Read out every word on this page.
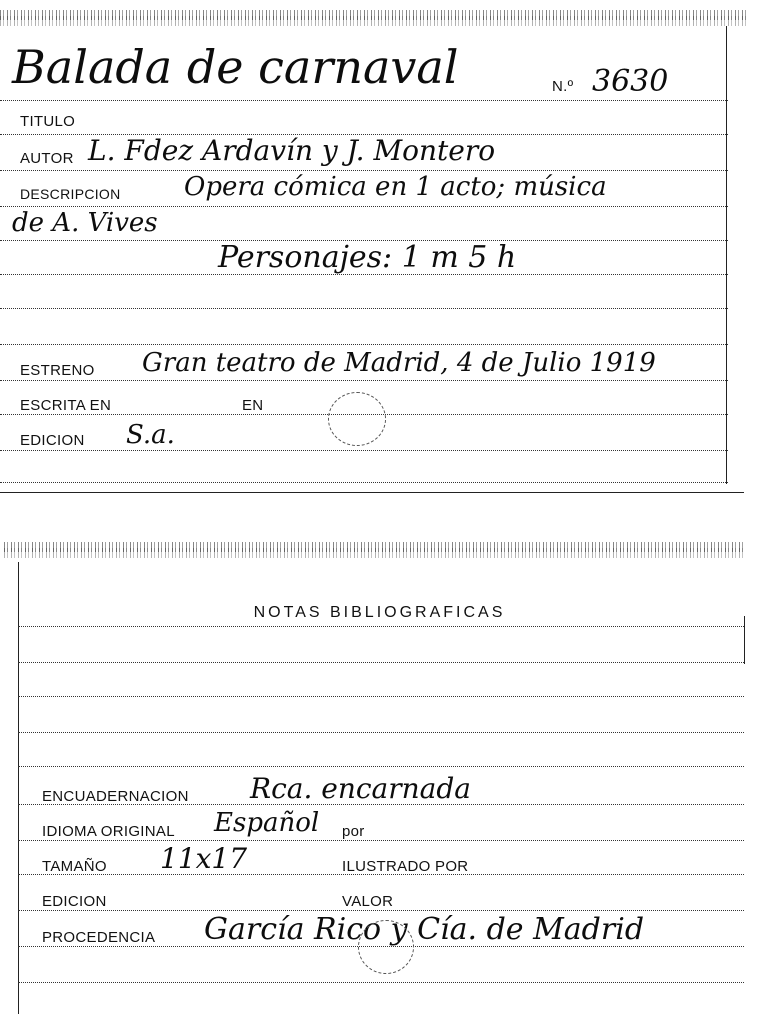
Balada de carnaval	N.º 3630
TITULO
AUTOR L. Fdez Ardavín y J. Montero
DESCRIPCION Opera cómica en 1 acto; música
de A. Vives
Personajes: 1 m 5 h
ESTRENO Gran teatro de Madrid, 4 de Julio 1919
ESCRITA EN	EN
EDICION S.a.
NOTAS BIBLIOGRAFICAS
ENCUADERNACION Rca. encarnada
IDIOMA ORIGINAL Español por
TAMAÑO 11x17	ILUSTRADO POR
EDICION	VALOR
PROCEDENCIA García Rico y Cía. de Madrid
